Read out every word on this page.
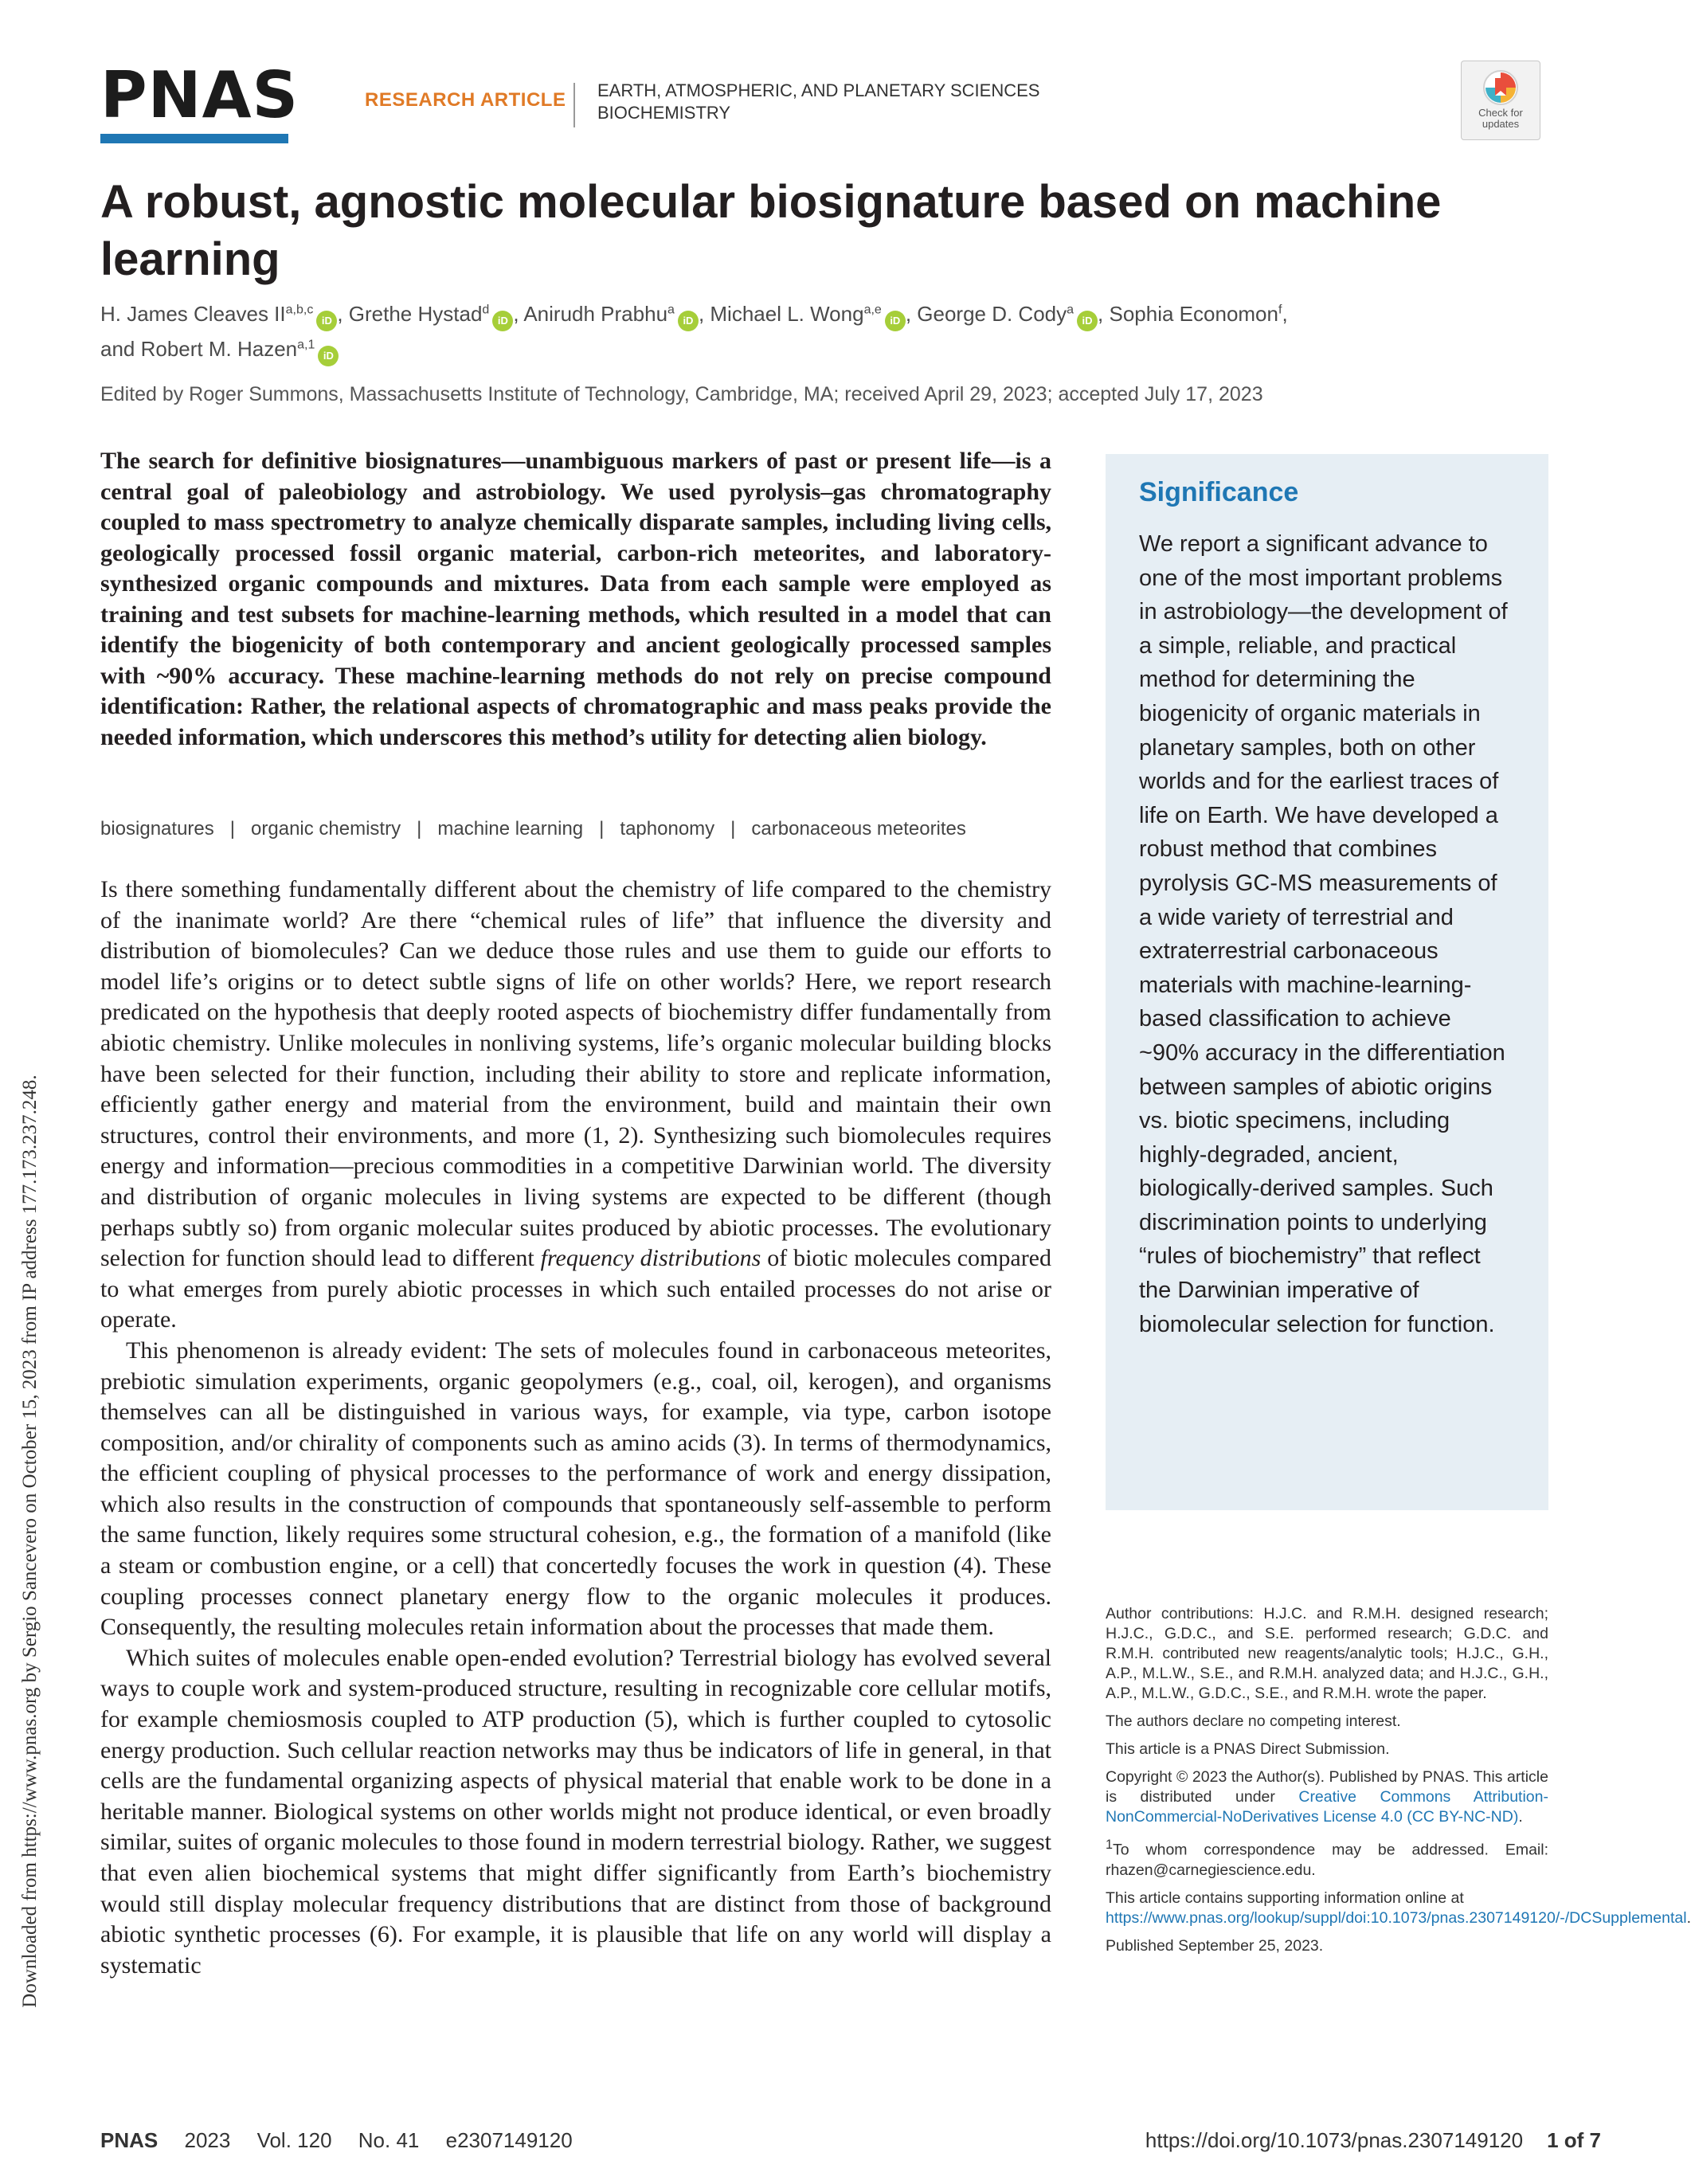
PNAS	RESEARCH ARTICLE EARTH, ATMOSPHERIC, AND PLANETARY SCIENCES
BIOCHEMISTRY	Check for
updates
A robust, agnostic molecular biosignature based on machine learning

H. James Cleaves II$^{a,b,c}$iD , Grethe Hystad$^d$iD , Anirudh Prabhu$^a$iD , Michael L. Wong$^{a,e}$iD , George D. Cody$^a$iD , Sophia Economon$^f$,
and Robert M. Hazen$^{a,1}$iD

Edited by Roger Summons, Massachusetts Institute of Technology, Cambridge, MA; received April 29, 2023; accepted July 17, 2023

The search for definitive biosignatures—unambiguous markers of past or present life—is a central goal of paleobiology and astrobiology. We used pyrolysis–gas chromatography coupled to mass spectrometry to analyze chemically disparate samples, including living cells, geologically processed fossil organic material, carbon-rich meteorites, and laboratory-synthesized organic compounds and mixtures. Data from each sample were employed as training and test subsets for machine-learning methods, which resulted in a model that can identify the biogenicity of both contemporary and ancient geologically processed samples with ~90% accuracy. These machine-learning methods do not rely on precise compound identification: Rather, the relational aspects of chromatographic and mass peaks provide the needed information, which underscores this method’s utility for detecting alien biology.

biosignatures | organic chemistry | machine learning | taphonomy | carbonaceous meteorites

Is there something fundamentally different about the chemistry of life compared to the chemistry of the inanimate world? Are there “chemical rules of life” that influence the diversity and distribution of biomolecules? Can we deduce those rules and use them to guide our efforts to model life’s origins or to detect subtle signs of life on other worlds? Here, we report research predicated on the hypothesis that deeply rooted aspects of biochemistry differ fundamentally from abiotic chemistry. Unlike molecules in nonliving systems, life’s organic molecular building blocks have been selected for their function, including their ability to store and replicate information, efficiently gather energy and material from the environment, build and maintain their own structures, control their environments, and more (1, 2). Synthesizing such biomolecules requires energy and information—precious commodities in a competitive Darwinian world. The diversity and distribution of organic molecules in living systems are expected to be different (though perhaps subtly so) from organic molecular suites produced by abiotic processes. The evolutionary selection for function should lead to different frequency distributions of biotic molecules compared to what emerges from purely abiotic processes in which such entailed processes do not arise or operate.

This phenomenon is already evident: The sets of molecules found in carbonaceous meteorites, prebiotic simulation experiments, organic geopolymers (e.g., coal, oil, kerogen), and organisms themselves can all be distinguished in various ways, for example, via type, carbon isotope composition, and/or chirality of components such as amino acids (3). In terms of thermodynamics, the efficient coupling of physical processes to the performance of work and energy dissipation, which also results in the construction of compounds that spontaneously self-assemble to perform the same function, likely requires some structural cohesion, e.g., the formation of a manifold (like a steam or combustion engine, or a cell) that concertedly focuses the work in question (4). These coupling processes connect planetary energy flow to the organic molecules it produces. Consequently, the resulting molecules retain information about the processes that made them.

Which suites of molecules enable open-ended evolution? Terrestrial biology has evolved several ways to couple work and system-produced structure, resulting in recognizable core cellular motifs, for example chemiosmosis coupled to ATP production (5), which is further coupled to cytosolic energy production. Such cellular reaction networks may thus be indicators of life in general, in that cells are the fundamental organizing aspects of physical material that enable work to be done in a heritable manner. Biological systems on other worlds might not produce identical, or even broadly similar, suites of organic molecules to those found in modern terrestrial biology. Rather, we suggest that even alien biochemical systems that might differ significantly from Earth’s biochemistry would still display molecular frequency distributions that are distinct from those of background abiotic synthetic processes (6). For example, it is plausible that life on any world will display a systematic

Significance

We report a significant advance to one of the most important problems in astrobiology—the development of a simple, reliable, and practical method for determining the biogenicity of organic materials in planetary samples, both on other worlds and for the earliest traces of life on Earth. We have developed a robust method that combines pyrolysis GC-MS measurements of a wide variety of terrestrial and extraterrestrial carbonaceous materials with machine-learning-based classification to achieve ~90% accuracy in the differentiation between samples of abiotic origins vs. biotic specimens, including highly-degraded, ancient, biologically-derived samples. Such discrimination points to underlying “rules of biochemistry” that reflect the Darwinian imperative of biomolecular selection for function.

Author contributions: H.J.C. and R.M.H. designed research; H.J.C., G.D.C., and S.E. performed research; G.D.C. and R.M.H. contributed new reagents/analytic tools; H.J.C., G.H., A.P., M.L.W., S.E., and R.M.H. analyzed data; and H.J.C., G.H., A.P., M.L.W., G.D.C., S.E., and R.M.H. wrote the paper.

The authors declare no competing interest.

This article is a PNAS Direct Submission.

Copyright © 2023 the Author(s). Published by PNAS. This article is distributed under Creative Commons Attribution-NonCommercial-NoDerivatives License 4.0 (CC BY-NC-ND).

$^1$To whom correspondence may be addressed. Email: rhazen@carnegiescience.edu.

This article contains supporting information online at https://www.pnas.org/lookup/suppl/doi:10.1073/pnas.2307149120/-/DCSupplemental.

Published September 25, 2023.

Downloaded from https://www.pnas.org by Sergio Sancevero on October 15, 2023 from IP address 177.173.237.248.
PNAS 2023 Vol. 120 No. 41 e2307149120	https://doi.org/10.1073/pnas.2307149120 1 of 7
